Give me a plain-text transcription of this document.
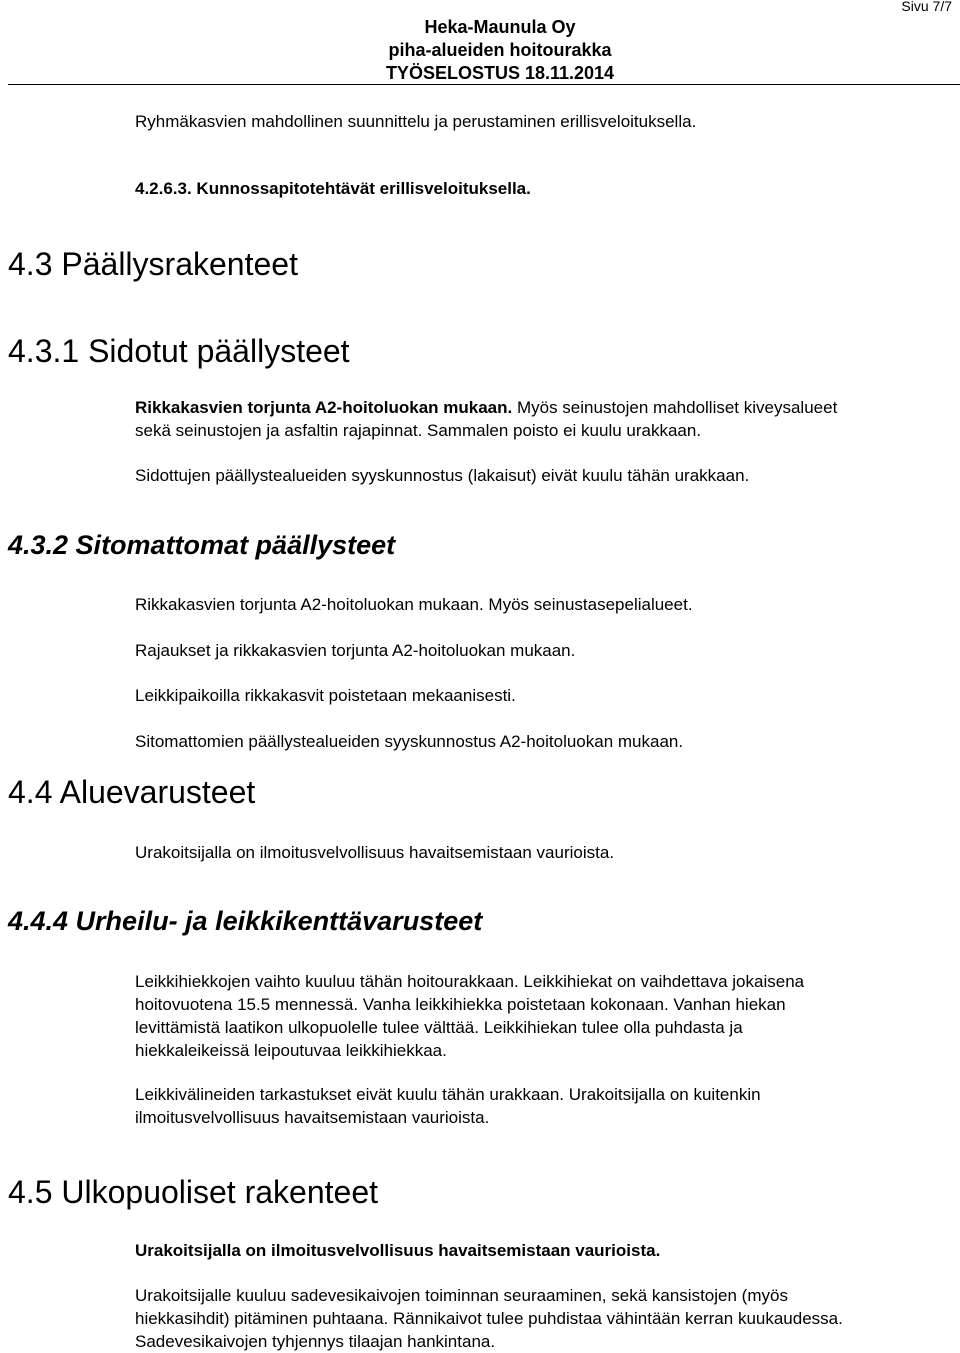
Sivu 7/7
Heka-Maunula Oy
piha-alueiden hoitourakka
TYÖSELOSTUS 18.11.2014
Ryhmäkasvien mahdollinen suunnittelu ja perustaminen erillisveloituksella.
4.2.6.3. Kunnossapitotehtävät erillisveloituksella.
4.3 Päällysrakenteet
4.3.1 Sidotut päällysteet
Rikkakasvien torjunta A2-hoitoluokan mukaan. Myös seinustojen mahdolliset kiveysalueet
sekä seinustojen ja asfaltin rajapinnat. Sammalen poisto ei kuulu urakkaan.
Sidottujen päällystealueiden syyskunnostus (lakaisut) eivät kuulu tähän urakkaan.
4.3.2 Sitomattomat päällysteet
Rikkakasvien torjunta A2-hoitoluokan mukaan. Myös seinustasepelialueet.
Rajaukset ja rikkakasvien torjunta A2-hoitoluokan mukaan.
Leikkipaikoilla rikkakasvit poistetaan mekaanisesti.
Sitomattomien päällystealueiden syyskunnostus A2-hoitoluokan mukaan.
4.4 Aluevarusteet
Urakoitsijalla on ilmoitusvelvollisuus havaitsemistaan vaurioista.
4.4.4 Urheilu- ja leikkikenttävarusteet
Leikkihiekkojen vaihto kuuluu tähän hoitourakkaan. Leikkihiekat on vaihdettava jokaisena
hoitovuotena 15.5 mennessä. Vanha leikkihiekka poistetaan kokonaan. Vanhan hiekan
levittämistä laatikon ulkopuolelle tulee välttää. Leikkihiekan tulee olla puhdasta ja
hiekkaleikeissä leipoutuvaa leikkihiekkaa.
Leikkivälineiden tarkastukset eivät kuulu tähän urakkaan. Urakoitsijalla on kuitenkin
ilmoitusvelvollisuus havaitsemistaan vaurioista.
4.5 Ulkopuoliset rakenteet
Urakoitsijalla on ilmoitusvelvollisuus havaitsemistaan vaurioista.
Urakoitsijalle kuuluu sadevesikaivojen toiminnan seuraaminen, sekä kansistojen (myös
hiekkasihdit) pitäminen puhtaana. Rännikaivot tulee puhdistaa vähintään kerran kuukaudessa.
Sadevesikaivojen tyhjennys tilaajan hankintana.
